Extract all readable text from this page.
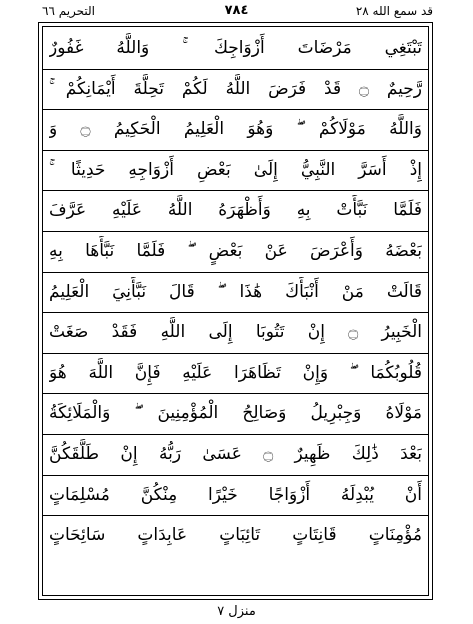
التحريم ٦٦	٧٨٤	قد سمع الله ٢٨
تَبْتَغِي مَرْضَاتَ أَزْوَاجِكَ ۚ وَاللَّهُ غَفُورٌ
رَّحِيمٌ ۝ قَدْ فَرَضَ اللَّهُ لَكُمْ تَحِلَّةَ أَيْمَانِكُمْ ۚ
وَاللَّهُ مَوْلَاكُمْ ۖ وَهُوَ الْعَلِيمُ الْحَكِيمُ ۝ وَ
إِذْ أَسَرَّ النَّبِيُّ إِلَىٰ بَعْضِ أَزْوَاجِهِ حَدِيثًا ۚ
فَلَمَّا نَبَّأَتْ بِهِ وَأَظْهَرَهُ اللَّهُ عَلَيْهِ عَرَّفَ
بَعْضَهُ وَأَعْرَضَ عَنْ بَعْضٍ ۖ فَلَمَّا نَبَّأَهَا بِهِ
قَالَتْ مَنْ أَنْبَأَكَ هَٰذَا ۖ قَالَ نَبَّأَنِيَ الْعَلِيمُ
الْخَبِيرُ ۝ إِنْ تَتُوبَا إِلَى اللَّهِ فَقَدْ صَغَتْ
قُلُوبُكُمَا ۖ وَإِنْ تَظَاهَرَا عَلَيْهِ فَإِنَّ اللَّهَ هُوَ
مَوْلَاهُ وَجِبْرِيلُ وَصَالِحُ الْمُؤْمِنِينَ ۖ وَالْمَلَائِكَةُ
بَعْدَ ذَٰلِكَ ظَهِيرٌ ۝ عَسَىٰ رَبُّهُ إِنْ طَلَّقَكُنَّ
أَنْ يُبْدِلَهُ أَزْوَاجًا خَيْرًا مِنْكُنَّ مُسْلِمَاتٍ
مُؤْمِنَاتٍ قَانِتَاتٍ تَائِبَاتٍ عَابِدَاتٍ سَائِحَاتٍ
منزل ٧
